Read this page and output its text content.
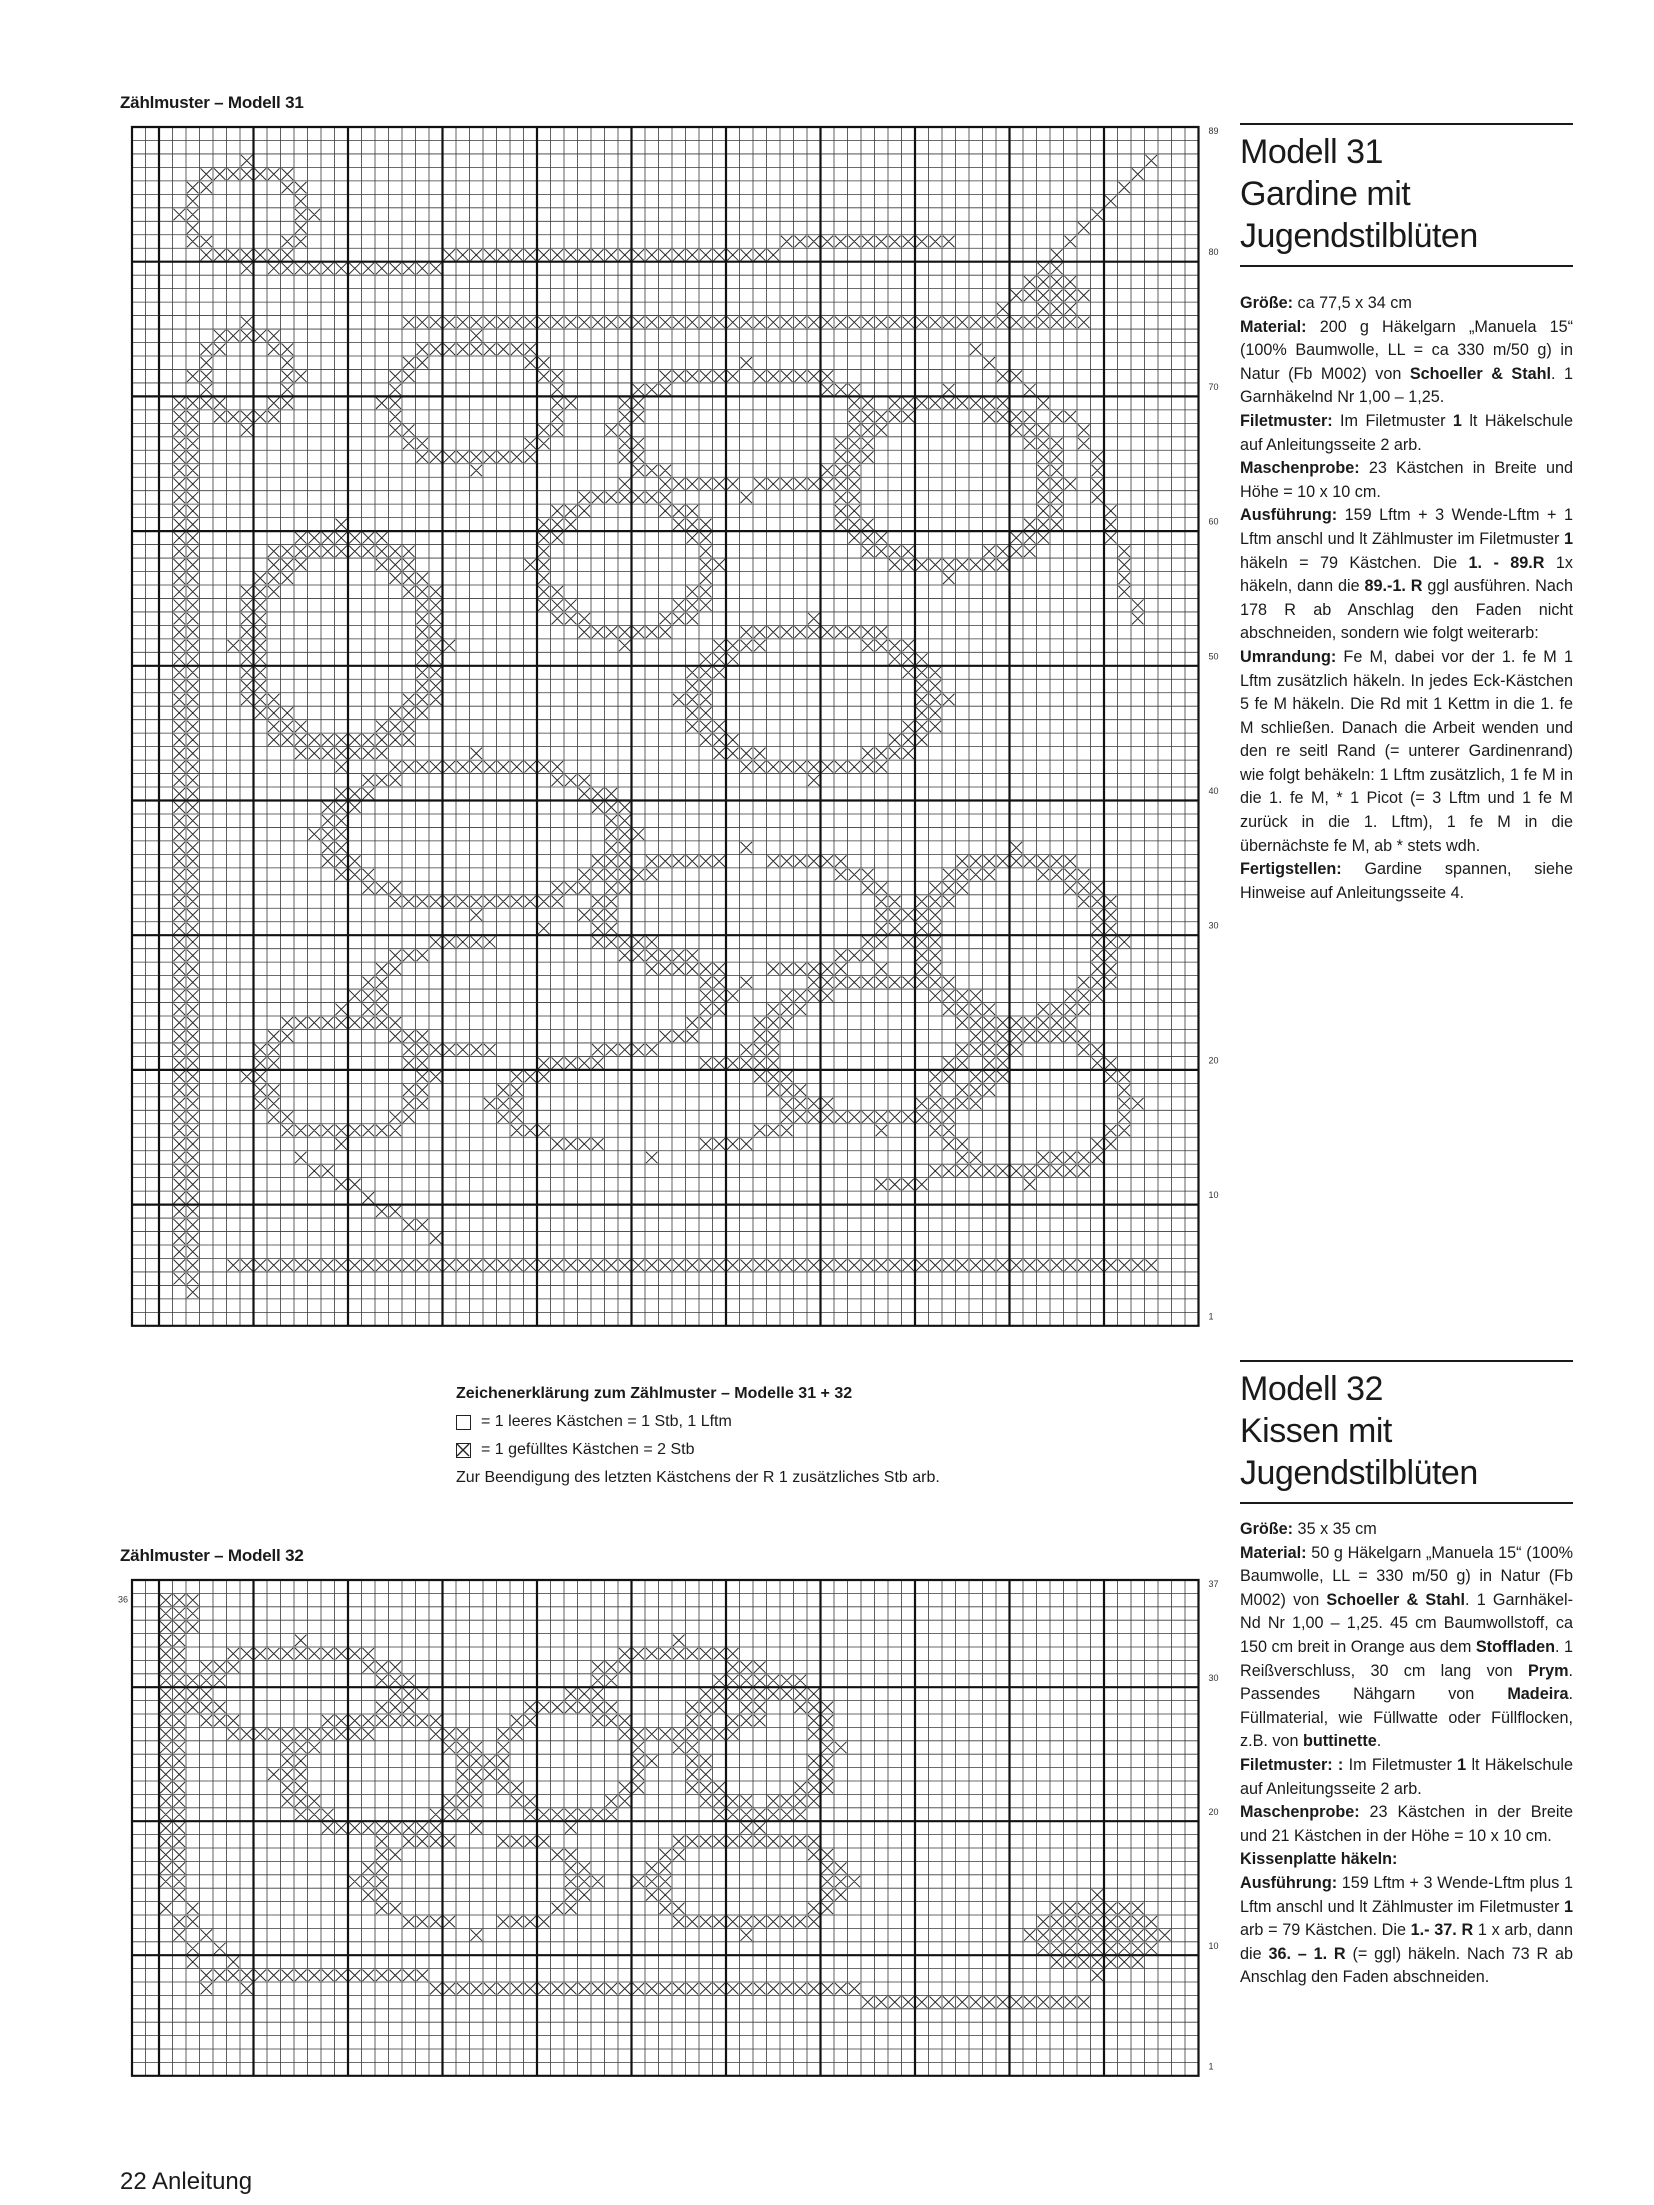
Zählmuster – Modell 31
89
80
70
60
50
40
30
20
10
1
Modell 31
Gardine mit
Jugendstilblüten

Größe: ca 77,5 x 34 cm

Material: 200 g Häkelgarn „Manuela 15“ (100% Baumwolle, LL = ca 330 m/50 g) in Natur (Fb M002) von Schoeller & Stahl. 1 Garnhäkelnd Nr 1,00 – 1,25.

Filetmuster: Im Filetmuster 1 lt Häkelschule auf Anleitungsseite 2 arb.

Maschenprobe: 23 Kästchen in Breite und Höhe = 10 x 10 cm.

Ausführung: 159 Lftm + 3 Wende-Lftm + 1 Lftm anschl und lt Zählmuster im Filetmuster 1 häkeln = 79 Kästchen. Die 1. - 89.R 1x häkeln, dann die 89.-1. R ggl ausführen. Nach 178 R ab Anschlag den Faden nicht abschneiden, sondern wie folgt weiterarb:

Umrandung: Fe M, dabei vor der 1. fe M 1 Lftm zusätzlich häkeln. In jedes Eck-Kästchen 5 fe M häkeln. Die Rd mit 1 Kettm in die 1. fe M schließen. Danach die Arbeit wenden und den re seitl Rand (= unterer Gardinenrand) wie folgt behäkeln: 1 Lftm zusätzlich, 1 fe M in die 1. fe M, * 1 Picot (= 3 Lftm und 1 fe M zurück in die 1. Lftm), 1 fe M in die übernächste fe M, ab * stets wdh.

Fertigstellen: Gardine spannen, siehe Hinweise auf Anleitungsseite 4.

Zeichenerklärung zum Zählmuster – Modelle 31 + 32
= 1 leeres Kästchen = 1 Stb, 1 Lftm
= 1 gefülltes Kästchen = 2 Stb
Zur Beendigung des letzten Kästchens der R 1 zusätzliches Stb arb.
Zählmuster – Modell 32
37
30
20
10
1
36
Modell 32
Kissen mit
Jugendstilblüten

Größe: 35 x 35 cm

Material: 50 g Häkelgarn „Manuela 15“ (100% Baumwolle, LL = 330 m/50 g) in Natur (Fb M002) von Schoeller & Stahl. 1 Garnhäkel-Nd Nr 1,00 – 1,25. 45 cm Baumwollstoff, ca 150 cm breit in Orange aus dem Stoffladen. 1 Reißverschluss, 30 cm lang von Prym. Passendes Nähgarn von Madeira. Füllmaterial, wie Füllwatte oder Füllflocken, z.B. von buttinette.

Filetmuster: : Im Filetmuster 1 lt Häkelschule auf Anleitungsseite 2 arb.

Maschenprobe: 23 Kästchen in der Breite und 21 Kästchen in der Höhe = 10 x 10 cm.

Kissenplatte häkeln:

Ausführung: 159 Lftm + 3 Wende-Lftm plus 1 Lftm anschl und lt Zählmuster im Filetmuster 1 arb = 79 Kästchen. Die 1.- 37. R 1 x arb, dann die 36. – 1. R (= ggl) häkeln. Nach 73 R ab Anschlag den Faden abschneiden.

22 Anleitung
